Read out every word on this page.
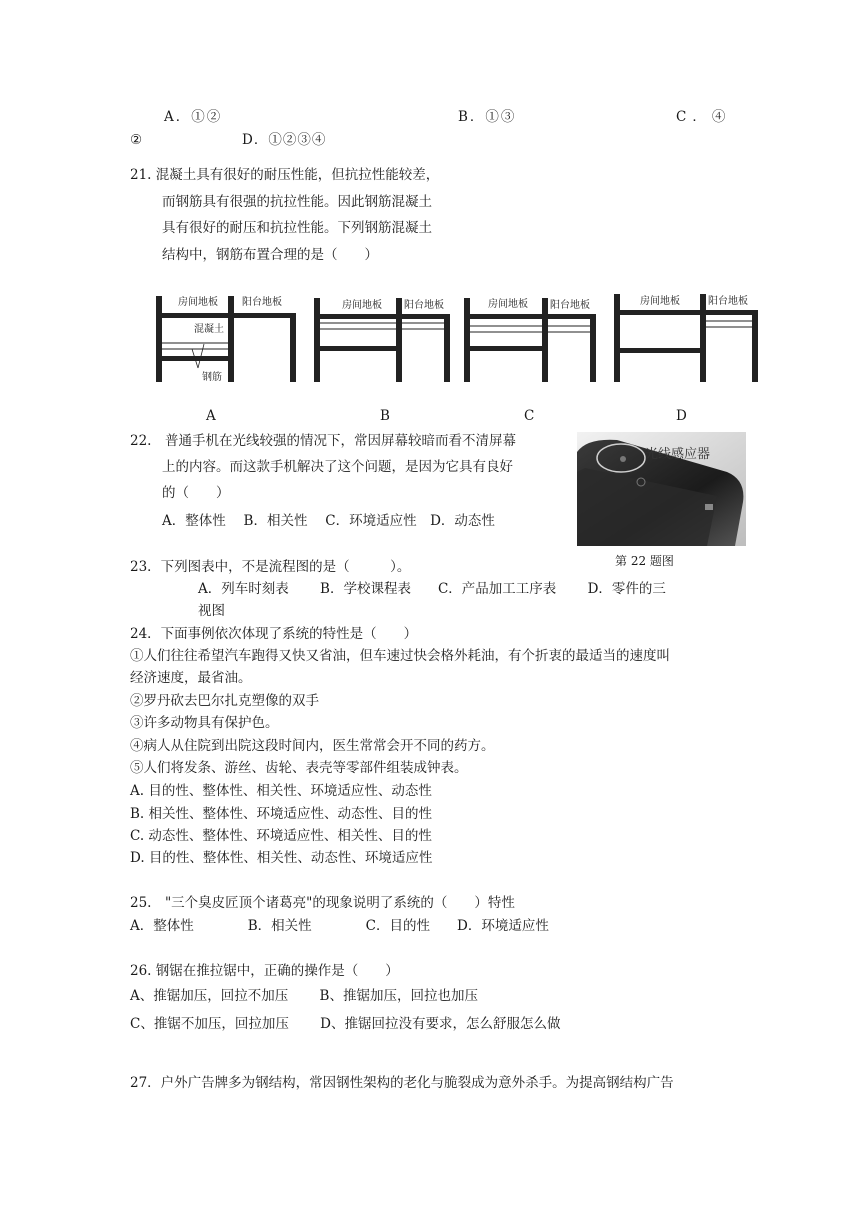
A．①②	B．①③	C．④
②	D．①②③④
21. 混凝土具有很好的耐压性能，但抗拉性能较差，
而钢筋具有很强的抗拉性能。因此钢筋混凝土
具有很好的耐压和抗拉性能。下列钢筋混凝土
结构中，钢筋布置合理的是（　　）
房间地板 阳台地板
混凝土
钢筋
房间地板 阳台地板	房间地板 阳台地板	房间地板	阳台地板
A	B	C	D
22.　普通手机在光线较强的情况下，常因屏幕较暗而看不清屏幕
上的内容。而这款手机解决了这个问题，是因为它具有良好
的（　　）
A．整体性　 B．相关性　 C．环境适应性　D．动态性
光线感应器
第 22 题图
23．下列图表中，不是流程图的是（　　　）。
A．列车时刻表　　 B．学校课程表　　C．产品加工工序表　　 D．零件的三
视图
24．下面事例依次体现了系统的特性是（　　）
①人们往往希望汽车跑得又快又省油，但车速过快会格外耗油，有个折衷的最适当的速度叫
经济速度，最省油。
②罗丹砍去巴尔扎克塑像的双手
③许多动物具有保护色。
④病人从住院到出院这段时间内，医生常常会开不同的药方。
⑤人们将发条、游丝、齿轮、表壳等零部件组装成钟表。
A. 目的性、整体性、相关性、环境适应性、动态性
B. 相关性、整体性、环境适应性、动态性、目的性
C. 动态性、整体性、环境适应性、相关性、目的性
D. 目的性、整体性、相关性、动态性、环境适应性
25.　"三个臭皮匠顶个诸葛亮"的现象说明了系统的（　　）特性
A．整体性　　　　B．相关性　　　　C．目的性　　D．环境适应性
26. 钢锯在推拉锯中，正确的操作是（　　）
A、推锯加压，回拉不加压　　 B、推锯加压，回拉也加压
C、推锯不加压，回拉加压　　 D、推锯回拉没有要求，怎么舒服怎么做
27．户外广告牌多为钢结构，常因钢性架构的老化与脆裂成为意外杀手。为提高钢结构广告
